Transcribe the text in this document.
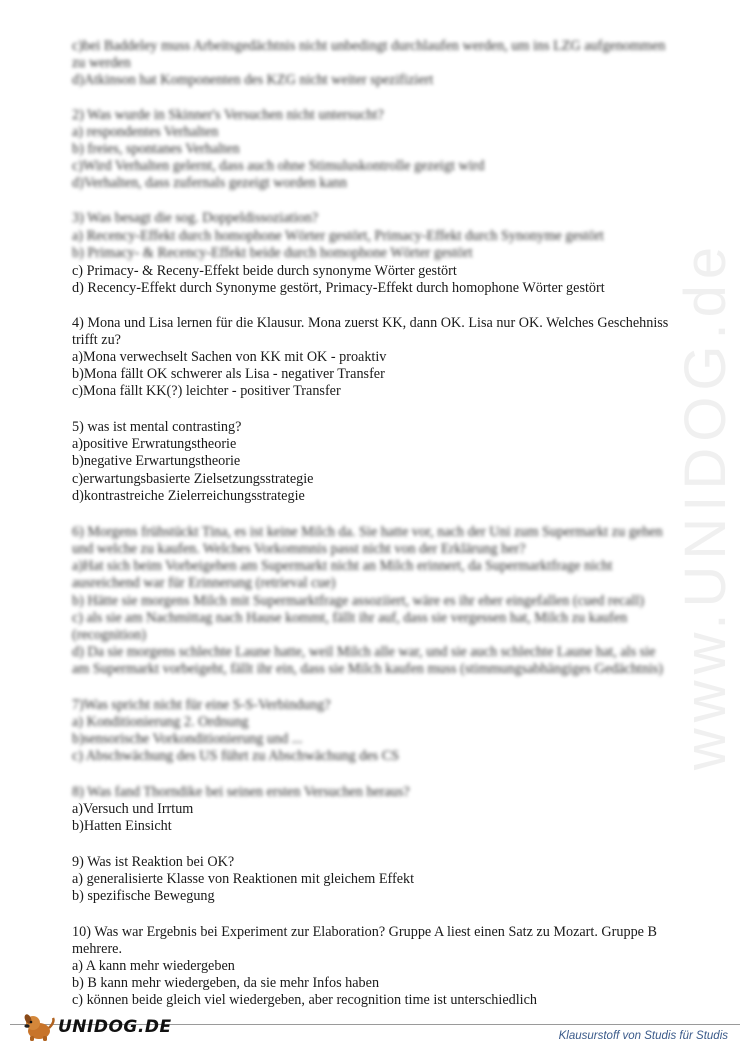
www.UNIDOG.de
c)bei Baddeley muss Arbeitsgedächtnis nicht unbedingt durchlaufen werden, um ins LZG aufgenommen
zu werden
d)Atkinson hat Komponenten des KZG nicht weiter spezifiziert
2) Was wurde in Skinner's Versuchen nicht untersucht?
a) respondentes Verhalten
b) freies, spontanes Verhalten
c)Wird Verhalten gelernt, dass auch ohne Stimuluskontrolle gezeigt wird
d)Verhalten, dass zufernals gezeigt worden kann
3) Was besagt die sog. Doppeldissoziation?
a) Recency-Effekt durch homophone Wörter gestört, Primacy-Effekt durch Synonyme gestört
b) Primacy- & Recency-Effekt beide durch homophone Wörter gestört
c) Primacy- & Receny-Effekt beide durch synonyme Wörter gestört
d) Recency-Effekt durch Synonyme gestört, Primacy-Effekt durch homophone Wörter gestört
4) Mona und Lisa lernen für die Klausur. Mona zuerst KK, dann OK. Lisa nur OK. Welches Geschehniss
trifft zu?
a)Mona verwechselt Sachen von KK mit OK - proaktiv
b)Mona fällt OK schwerer als Lisa - negativer Transfer
c)Mona fällt KK(?) leichter - positiver Transfer
5) was ist mental contrasting?
a)positive Erwratungstheorie
b)negative Erwartungstheorie
c)erwartungsbasierte Zielsetzungsstrategie
d)kontrastreiche Zielerreichungsstrategie
6) Morgens frühstückt Tina, es ist keine Milch da. Sie hatte vor, nach der Uni zum Supermarkt zu gehen
und welche zu kaufen. Welches Vorkommnis passt nicht von der Erklärung her?
a)Hat sich beim Vorbeigehen am Supermarkt nicht an Milch erinnert, da Supermarktfrage nicht
ausreichend war für Erinnerung (retrieval cue)
b) Hätte sie morgens Milch mit Supermarktfrage assoziiert, wäre es ihr eher eingefallen (cued recall)
c) als sie am Nachmittag nach Hause kommt, fällt ihr auf, dass sie vergessen hat, Milch zu kaufen
(recognition)
d) Da sie morgens schlechte Laune hatte, weil Milch alle war, und sie auch schlechte Laune hat, als sie
am Supermarkt vorbeigeht, fällt ihr ein, dass sie Milch kaufen muss (stimmungsabhängiges Gedächtnis)
7)Was spricht nicht für eine S-S-Verbindung?
a) Konditionierung 2. Ordnung
b)sensorische Vorkonditionierung und ...
c) Abschwächung des US führt zu Abschwächung des CS
8) Was fand Thorndike bei seinen ersten Versuchen heraus?
a)Versuch und Irrtum
b)Hatten Einsicht
9) Was ist Reaktion bei OK?
a) generalisierte Klasse von Reaktionen mit gleichem Effekt
b) spezifische Bewegung
10) Was war Ergebnis bei Experiment zur Elaboration? Gruppe A liest einen Satz zu Mozart. Gruppe B
mehrere.
a) A kann mehr wiedergeben
b) B kann mehr wiedergeben, da sie mehr Infos haben
c) können beide gleich viel wiedergeben, aber recognition time ist unterschiedlich
UNIDOG.DE	Klausurstoff von Studis für Studis
